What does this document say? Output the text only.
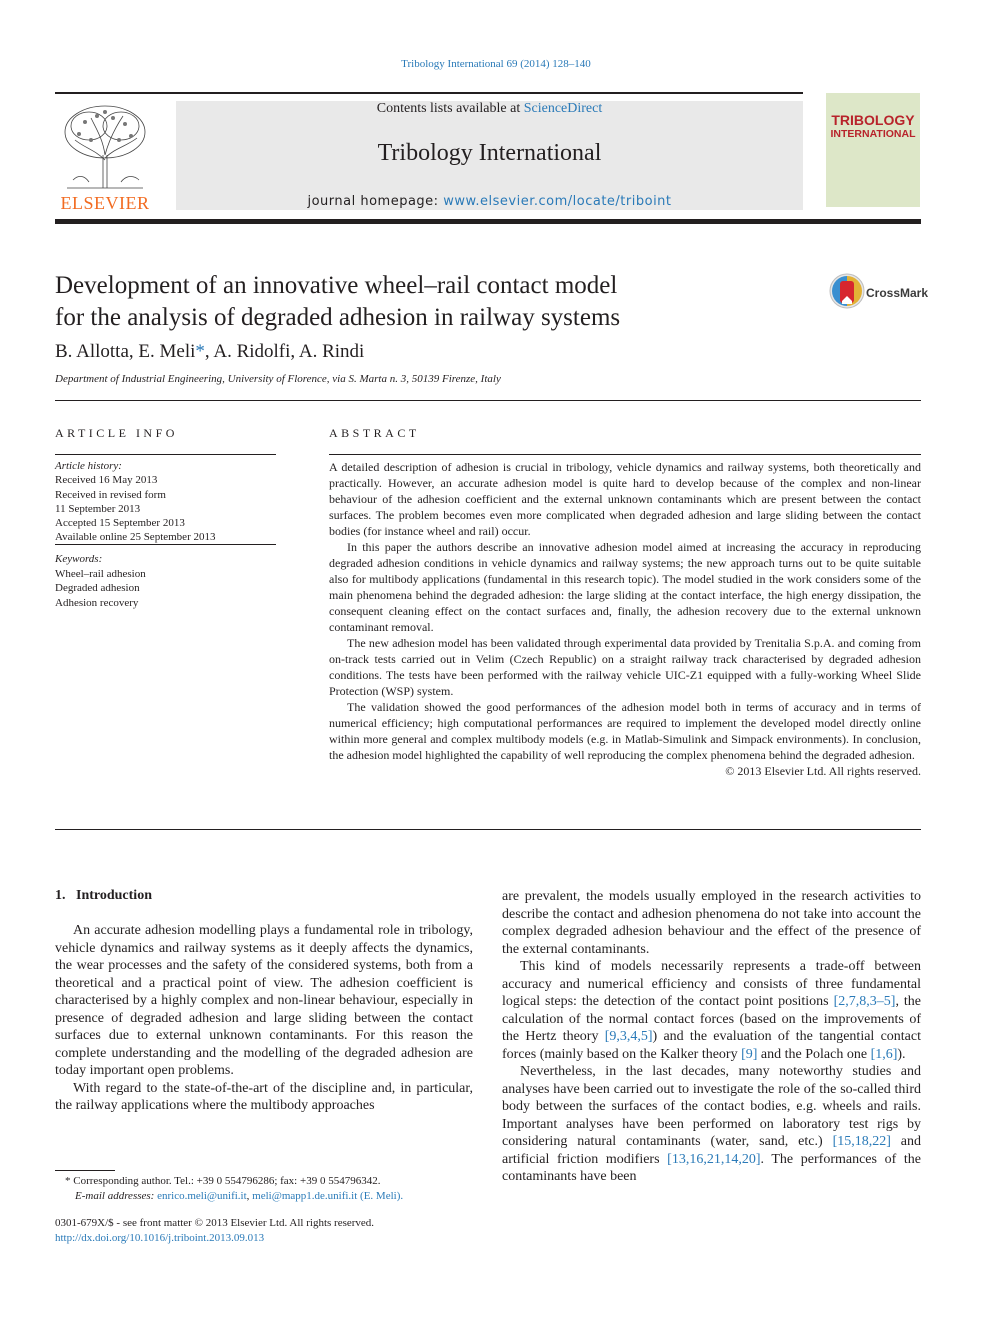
Tribology International 69 (2014) 128–140
Contents lists available at ScienceDirect
Tribology International
journal homepage: www.elsevier.com/locate/triboint
ELSEVIER
TRIBOLOGY
INTERNATIONAL
Development of an innovative wheel–rail contact model
for the analysis of degraded adhesion in railway systems
CrossMark
B. Allotta, E. Meli*, A. Ridolfi, A. Rindi
Department of Industrial Engineering, University of Florence, via S. Marta n. 3, 50139 Firenze, Italy
ARTICLE INFO
Article history:
Received 16 May 2013
Received in revised form
11 September 2013
Accepted 15 September 2013
Available online 25 September 2013
Keywords:
Wheel–rail adhesion
Degraded adhesion
Adhesion recovery
ABSTRACT

A detailed description of adhesion is crucial in tribology, vehicle dynamics and railway systems, both theoretically and practically. However, an accurate adhesion model is quite hard to develop because of the complex and non-linear behaviour of the adhesion coefficient and the external unknown contaminants which are present between the contact surfaces. The problem becomes even more complicated when degraded adhesion and large sliding between the contact bodies (for instance wheel and rail) occur.

In this paper the authors describe an innovative adhesion model aimed at increasing the accuracy in reproducing degraded adhesion conditions in vehicle dynamics and railway systems; the new approach turns out to be quite suitable also for multibody applications (fundamental in this research topic). The model studied in the work considers some of the main phenomena behind the degraded adhesion: the large sliding at the contact interface, the high energy dissipation, the consequent cleaning effect on the contact surfaces and, finally, the adhesion recovery due to the external unknown contaminant removal.

The new adhesion model has been validated through experimental data provided by Trenitalia S.p.A. and coming from on-track tests carried out in Velim (Czech Republic) on a straight railway track characterised by degraded adhesion conditions. The tests have been performed with the railway vehicle UIC-Z1 equipped with a fully-working Wheel Slide Protection (WSP) system.

The validation showed the good performances of the adhesion model both in terms of accuracy and in terms of numerical efficiency; high computational performances are required to implement the developed model directly online within more general and complex multibody models (e.g. in Matlab-Simulink and Simpack environments). In conclusion, the adhesion model highlighted the capability of well reproducing the complex phenomena behind the degraded adhesion.

© 2013 Elsevier Ltd. All rights reserved.
1. Introduction

An accurate adhesion modelling plays a fundamental role in tribology, vehicle dynamics and railway systems as it deeply affects the dynamics, the wear processes and the safety of the considered systems, both from a theoretical and a practical point of view. The adhesion coefficient is characterised by a highly complex and non-linear behaviour, especially in presence of degraded adhesion and large sliding between the contact surfaces due to external unknown contaminants. For this reason the complete understanding and the modelling of the degraded adhesion are today important open problems.

With regard to the state-of-the-art of the discipline and, in particular, the railway applications where the multibody approaches

are prevalent, the models usually employed in the research activities to describe the contact and adhesion phenomena do not take into account the complex degraded adhesion behaviour and the effect of the presence of the external contaminants.

This kind of models necessarily represents a trade-off between accuracy and numerical efficiency and consists of three fundamental logical steps: the detection of the contact point positions [2,7,8,3–5], the calculation of the normal contact forces (based on the improvements of the Hertz theory [9,3,4,5]) and the evaluation of the tangential contact forces (mainly based on the Kalker theory [9] and the Polach one [1,6]).

Nevertheless, in the last decades, many noteworthy studies and analyses have been carried out to investigate the role of the so-called third body between the surfaces of the contact bodies, e.g. wheels and rails. Important analyses have been performed on laboratory test rigs by considering natural contaminants (water, sand, etc.) [15,18,22] and artificial friction modifiers [13,16,21,14,20]. The performances of the contaminants have been

* Corresponding author. Tel.: +39 0 554796286; fax: +39 0 554796342.
E-mail addresses: enrico.meli@unifi.it, meli@mapp1.de.unifi.it (E. Meli).
0301-679X/$ - see front matter © 2013 Elsevier Ltd. All rights reserved.
http://dx.doi.org/10.1016/j.triboint.2013.09.013
